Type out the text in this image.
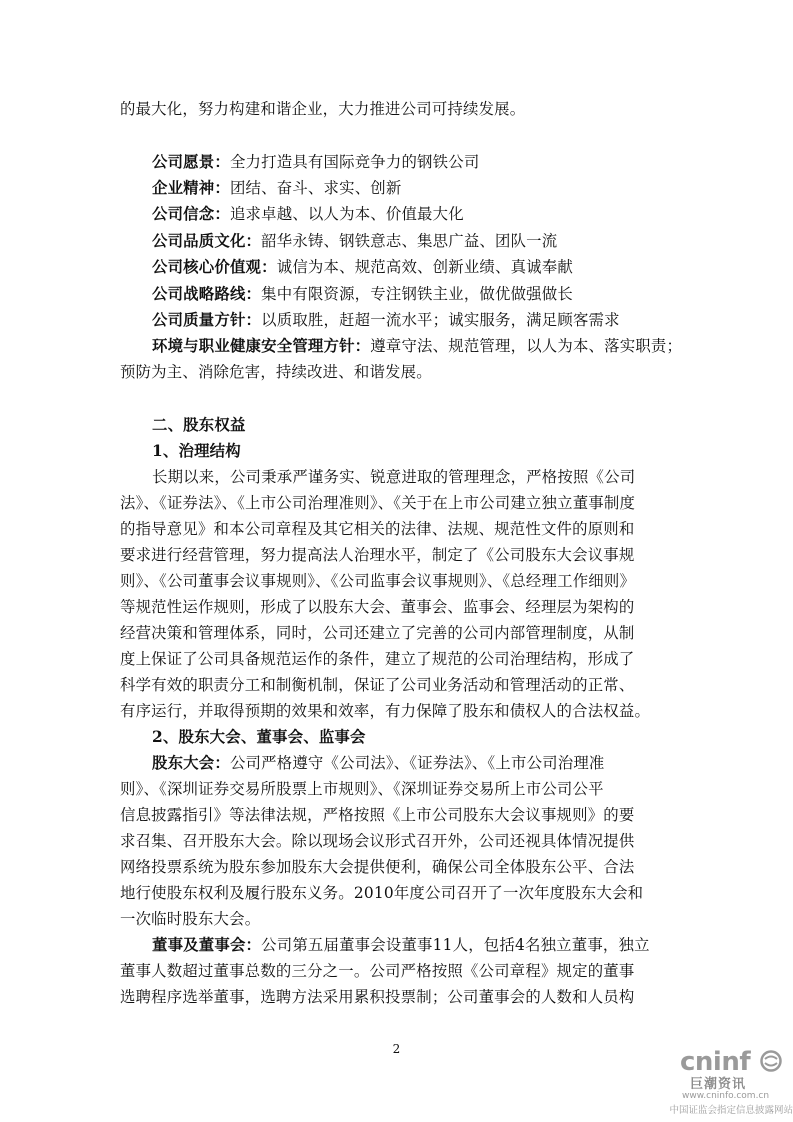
的最大化，努力构建和谐企业，大力推进公司可持续发展。
公司愿景：全力打造具有国际竞争力的钢铁公司
企业精神：团结、奋斗、求实、创新
公司信念：追求卓越、以人为本、价值最大化
公司品质文化：韶华永铸、钢铁意志、集思广益、团队一流
公司核心价值观：诚信为本、规范高效、创新业绩、真诚奉献
公司战略路线：集中有限资源，专注钢铁主业，做优做强做长
公司质量方针：以质取胜，赶超一流水平；诚实服务，满足顾客需求
环境与职业健康安全管理方针：遵章守法、规范管理，以人为本、落实职责；
预防为主、消除危害，持续改进、和谐发展。
二、股东权益
1、治理结构
长期以来，公司秉承严谨务实、锐意进取的管理理念，严格按照《公司
法》、《证券法》、《上市公司治理准则》、《关于在上市公司建立独立董事制度
的指导意见》和本公司章程及其它相关的法律、法规、规范性文件的原则和
要求进行经营管理，努力提高法人治理水平，制定了《公司股东大会议事规
则》、《公司董事会议事规则》、《公司监事会议事规则》、《总经理工作细则》
等规范性运作规则，形成了以股东大会、董事会、监事会、经理层为架构的
经营决策和管理体系，同时，公司还建立了完善的公司内部管理制度，从制
度上保证了公司具备规范运作的条件，建立了规范的公司治理结构，形成了
科学有效的职责分工和制衡机制，保证了公司业务活动和管理活动的正常、
有序运行，并取得预期的效果和效率，有力保障了股东和债权人的合法权益。
2、股东大会、董事会、监事会
股东大会：公司严格遵守《公司法》、《证券法》、《上市公司治理准
则》、《深圳证券交易所股票上市规则》、《深圳证券交易所上市公司公平
信息披露指引》等法律法规，严格按照《上市公司股东大会议事规则》的要
求召集、召开股东大会。除以现场会议形式召开外，公司还视具体情况提供
网络投票系统为股东参加股东大会提供便利，确保公司全体股东公平、合法
地行使股东权利及履行股东义务。2010年度公司召开了一次年度股东大会和
一次临时股东大会。
董事及董事会：公司第五届董事会设董事11人，包括4名独立董事，独立
董事人数超过董事总数的三分之一。公司严格按照《公司章程》规定的董事
选聘程序选举董事，选聘方法采用累积投票制；公司董事会的人数和人员构
2	cninf
巨潮资讯
www.cninfo.com.cn
中国证监会指定信息披露网站
